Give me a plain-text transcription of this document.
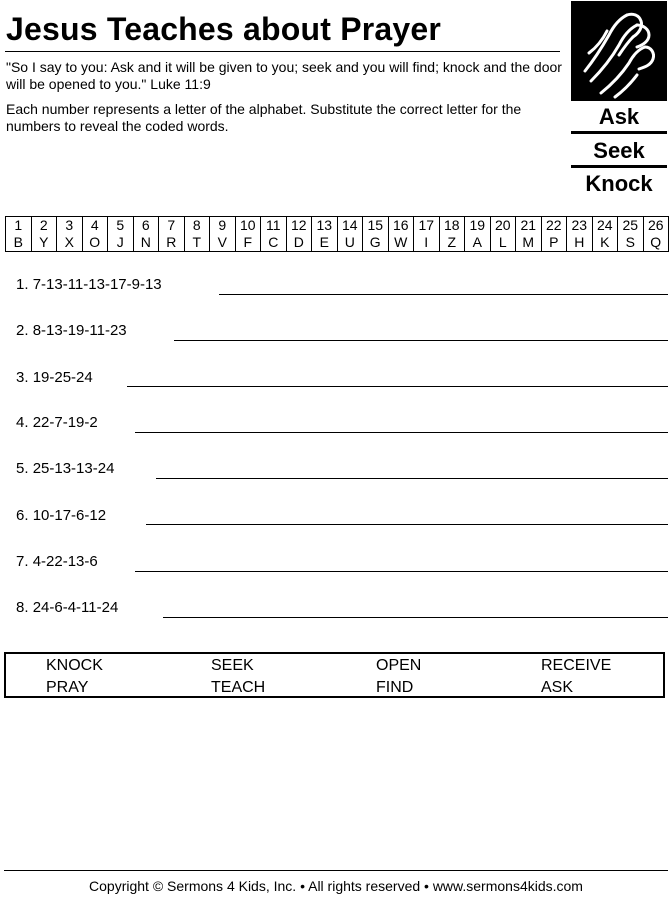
Jesus Teaches about Prayer
"So I say to you: Ask and it will be given to you; seek and you will find; knock and the door will be opened to you." Luke 11:9
Each number represents a letter of the alphabet. Substitute the correct letter for the numbers to reveal the coded words.	Ask
Seek
Knock
1	2	3	4	5	6	7	8	9	10	11	12	13	14	15	16	17	18	19	20	21	22	23	24	25	26
B	Y	X	O	J	N	R	T	V	F	C	D	E	U	G	W	I	Z	A	L	M	P	H	K	S	Q
1. 7-13-11-13-17-9-13
2. 8-13-19-11-23
3. 19-25-24
4. 22-7-19-2
5. 25-13-13-24
6. 10-17-6-12
7. 4-22-13-6
8. 24-6-4-11-24
KNOCK	SEEK	OPEN	RECEIVE
PRAY	TEACH	FIND	ASK
Copyright © Sermons 4 Kids, Inc. • All rights reserved • www.sermons4kids.com
